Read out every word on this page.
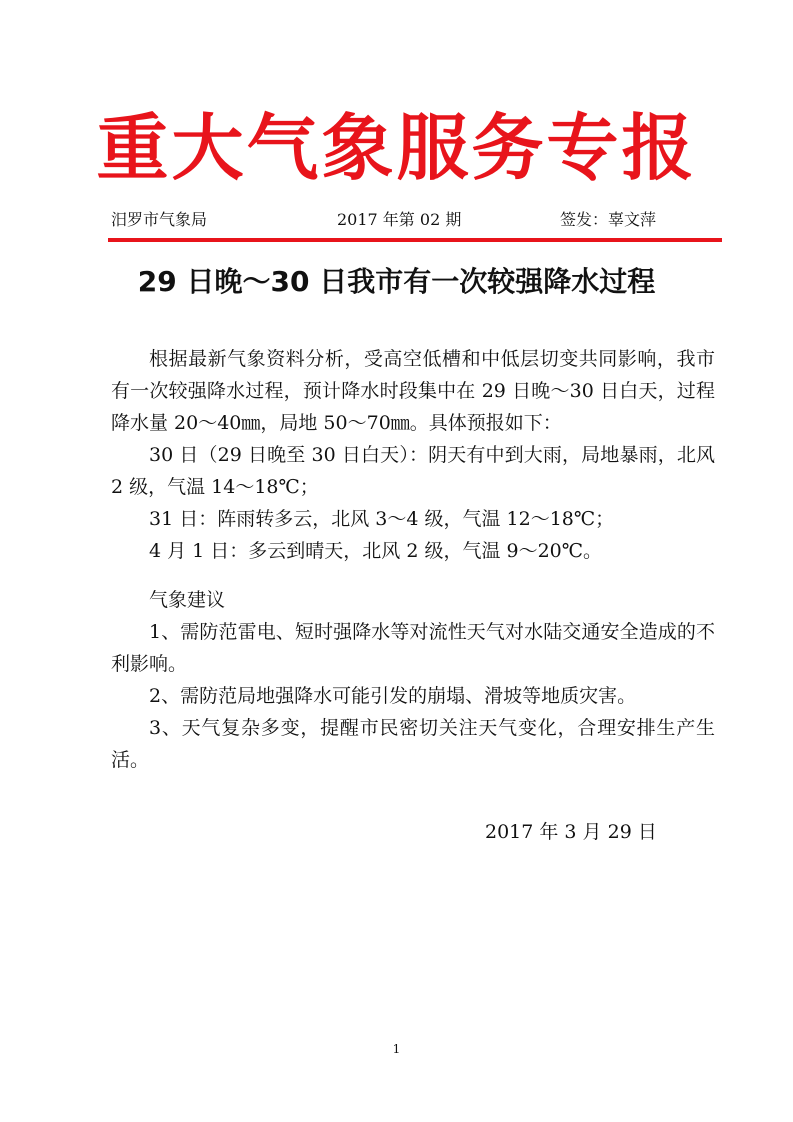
重大气象服务专报
汨罗市气象局	2017 年第 02 期	签发：辜文萍
29 日晚～30 日我市有一次较强降水过程

根据最新气象资料分析，受高空低槽和中低层切变共同影响，我市有一次较强降水过程，预计降水时段集中在 29 日晚～30 日白天，过程降水量 20～40㎜，局地 50～70㎜。具体预报如下：

30 日（29 日晚至 30 日白天）：阴天有中到大雨，局地暴雨，北风 2 级，气温 14～18℃；

31 日：阵雨转多云，北风 3～4 级，气温 12～18℃；

4 月 1 日：多云到晴天，北风 2 级，气温 9～20℃。

气象建议

1、需防范雷电、短时强降水等对流性天气对水陆交通安全造成的不利影响。

2、需防范局地强降水可能引发的崩塌、滑坡等地质灾害。

3、天气复杂多变，提醒市民密切关注天气变化，合理安排生产生活。

2017 年 3 月 29 日
1
